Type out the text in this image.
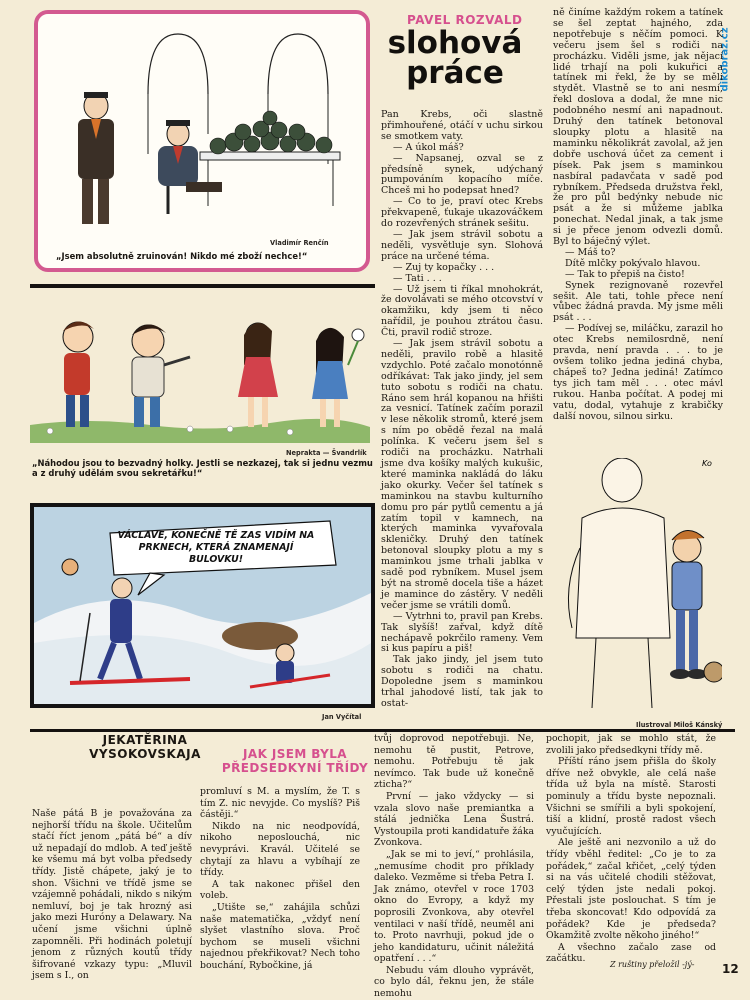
dikobraz.cz
Vladimír Renčín
„Jsem absolutně zruinován! Nikdo mé zboží nechce!“
Neprakta — Švandrlík
„Náhodou jsou to bezvadný holky. Jestli se nezkazej, tak si jednu vezmu a z druhý udělám svou sekretářku!“
VÁCLAVE, KONEČNĚ TĚ ZAS VIDÍM NA PRKNECH, KTERÁ ZNAMENAJÍ BULOVKU!
Jan Vyčítal
PAVEL ROZVALD
slohová práce

Pan Krebs, oči slastně přimhouřené, otáčí v uchu sirkou se smotkem vaty.

— A úkol máš?

— Napsanej, ozval se z předsíně synek, udýchaný pumpováním kopacího míče. Chceš mi ho podepsat hned?

— Co to je, praví otec Krebs překvapeně, ťukaje ukazováčkem do rozevřených stránek sešitu.

— Jak jsem strávil sobotu a neděli, vysvětluje syn. Slohová práce na určené téma.

— Zuj ty kopačky . . .

— Tati . . .

— Už jsem ti říkal mnohokrát, že dovolávati se mého otcovství v okamžiku, kdy jsem ti něco nařídil, je pouhou ztrátou času. Čti, pravil rodič stroze.

— Jak jsem strávil sobotu a neděli, pravilo robě a hlasitě vzdychlo. Poté začalo monotónně odříkávat: Tak jako jindy, jel sem tuto sobotu s rodiči na chatu. Ráno sem hrál kopanou na hřišti za vesnicí. Tatínek začím porazil v lese několik stromů, které jsem s ním po obědě řezal na malá polínka. K večeru jsem šel s rodiči na procházku. Natrhali jsme dva košíky malých kukušic, které maminka nakládá do láku jako okurky. Večer šel tatínek s maminkou na stavbu kulturního domu pro pár pytlů cementu a já zatím topil v kamnech, na kterých maminka vyvařovala skleničky. Druhý den tatínek betonoval sloupky plotu a my s maminkou jsme trhali jablka v sadě pod rybníkem. Musel jsem být na stromě docela tiše a házet je mamince do zástěry. V neděli večer jsme se vrátili domů.

— Vytrhni to, pravil pan Krebs. Tak slyšíš! zařval, když dítě nechápavě pokrčilo rameny. Vem si kus papíru a piš!

Tak jako jindy, jel jsem tuto sobotu s rodiči na chatu. Dopoledne jsem s maminkou trhal jahodové listí, tak jak to ostat-

ně činíme každým rokem a tatínek se šel zeptat hajného, zda nepotřebuje s něčím pomoci. K večeru jsem šel s rodiči na procházku. Viděli jsme, jak nějací lidé trhají na poli kukuřici a tatínek mi řekl, že by se měli stydět. Vlastně se to ani nesmí, řekl doslova a dodal, že mne nic podobného nesmí ani napadnout. Druhý den tatínek betonoval sloupky plotu a hlasitě na maminku několikrát zavolal, až jen dobře uschová účet za cement i písek. Pak jsem s maminkou nasbíral padavčata v sadě pod rybníkem. Předseda družstva řekl, že pro půl bedýnky nebude nic psát a že si můžeme jablka ponechat. Nedal jinak, a tak jsme si je přece jenom odvezli domů. Byl to báječný výlet.

— Máš to?

Dítě mlčky pokývalo hlavou.

— Tak to přepiš na čisto!

Synek rezignovaně rozevřel sešit. Ale tati, tohle přece není vůbec žádná pravda. My jsme měli psát . . .

— Podívej se, miláčku, zarazil ho otec Krebs nemilosrdně, není pravda, není pravda . . . to je ovšem toliko jedna jediná chyba, chápeš to? Jedna jediná! Zatímco tys jich tam měl . . . otec mávl rukou. Hanba počítat. A podej mi vatu, dodal, vytahuje z krabičky další novou, silnou sirku.

Ko
Ilustroval Miloš Kánský
JEKATĚRINA VYSOKOVSKAJA	JAK JSEM BYLA PŘEDSEDKYNÍ TŘÍDY

Naše pátá B je považována za nejhorší třídu na škole. Učitelům stačí říct jenom „pátá bé“ a dív už nepadají do mdlob. A teď ještě ke všemu má byt volba předsedy třídy. Jistě chápete, jaký je to shon. Všichni ve třídě jsme se vzájemně pohádali, nikdo s nikým nemluví, boj je tak hrozný asi jako mezi Huróny a Delawary. Na učení jsme všichni úplně zapomněli. Při hodinách poletují jenom z různých koutů třídy šifrované vzkazy typu: „Mluvil jsem s I., on

promluví s M. a myslím, že T. s tím Z. nic nevyjde. Co myslíš? Piš částěji.“

Nikdo na nic neodpovídá, nikoho neposlouchá, nic nevyprávi. Kravál. Učitelé se chytají za hlavu a vybíhají ze třídy.

A tak nakonec přišel den voleb.

„Utište se,“ zahájila schůzi naše matematička, „vždyť není slyšet vlastního slova. Proč bychom se museli všichni najednou překřikovat? Nech toho bouchání, Rybočkine, já

tvůj doprovod nepotřebuji. Ne, nemohu tě pustit, Petrove, nemohu. Potřebuju tě jak nevímco. Tak bude už konečně zticha?“

První — jako vždycky — si vzala slovo naše premiantka a stálá jednička Lena Šustrá. Vystoupila proti kandidatuře žáka Zvonkova.

„Jak se mi to jeví,“ prohlásila, „nemusíme chodit pro příklady daleko. Vezměme si třeba Petra I. Jak známo, otevřel v roce 1703 okno do Evropy, a když my poprosili Zvonkova, aby otevřel ventilaci v naší třídě, neuměl ani to. Proto navrhuji, pokud jde o jeho kandidaturu, učinit náležitá opatření . . .“

Nebudu vám dlouho vyprávět, co bylo dál, řeknu jen, že stále nemohu

pochopit, jak se mohlo stát, že zvolili jako předsedkyni třídy mě.

Příští ráno jsem přišla do školy dříve než obvykle, ale celá naše třída už byla na místě. Starosti pominuly a třídu byste nepoznali. Všichni se smířili a byli spokojení, tiší a klidní, prostě radost všech vyučujících.

Ale ještě ani nezvonilo a už do třídy vběhl ředitel: „Co je to za pořádek,“ začal křičet, „celý týden si na vás učitelé chodili stěžovat, celý týden jste nedali pokoj. Přestali jste poslouchat. S tím je třeba skoncovat! Kdo odpovídá za pořádek? Kde je předseda? Okamžitě zvolte někoho jiného!“

A všechno začalo zase od začátku.

Z ruštiny přeložil -jý- 12
